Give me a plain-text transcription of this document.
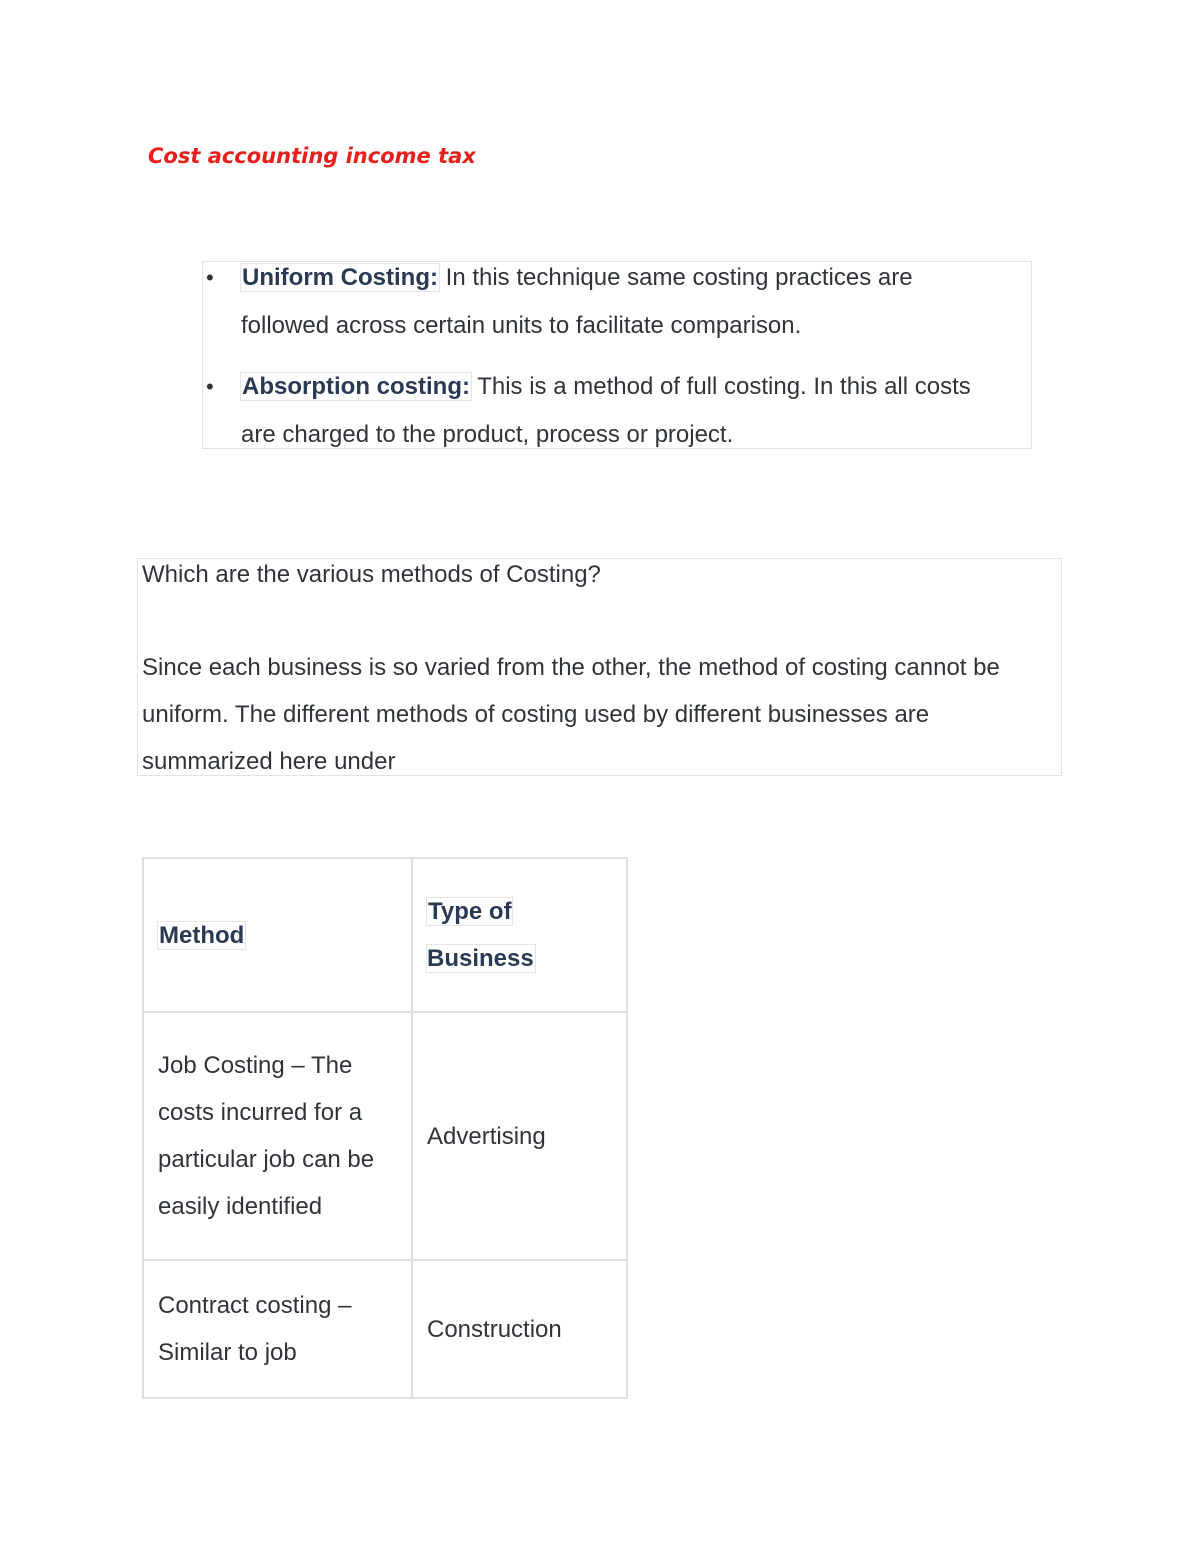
Cost accounting income tax
•	Uniform Costing: In this technique same costing practices are followed across certain units to facilitate comparison.
•	Absorption costing: This is a method of full costing. In this all costs are charged to the product, process or project.

Which are the various methods of Costing?

Since each business is so varied from the other, the method of costing cannot be uniform. The different methods of costing used by different businesses are summarized here under

Method	Type of Business
Job Costing – The costs incurred for a particular job can be easily identified	Advertising
Contract costing – Similar to job	Construction
